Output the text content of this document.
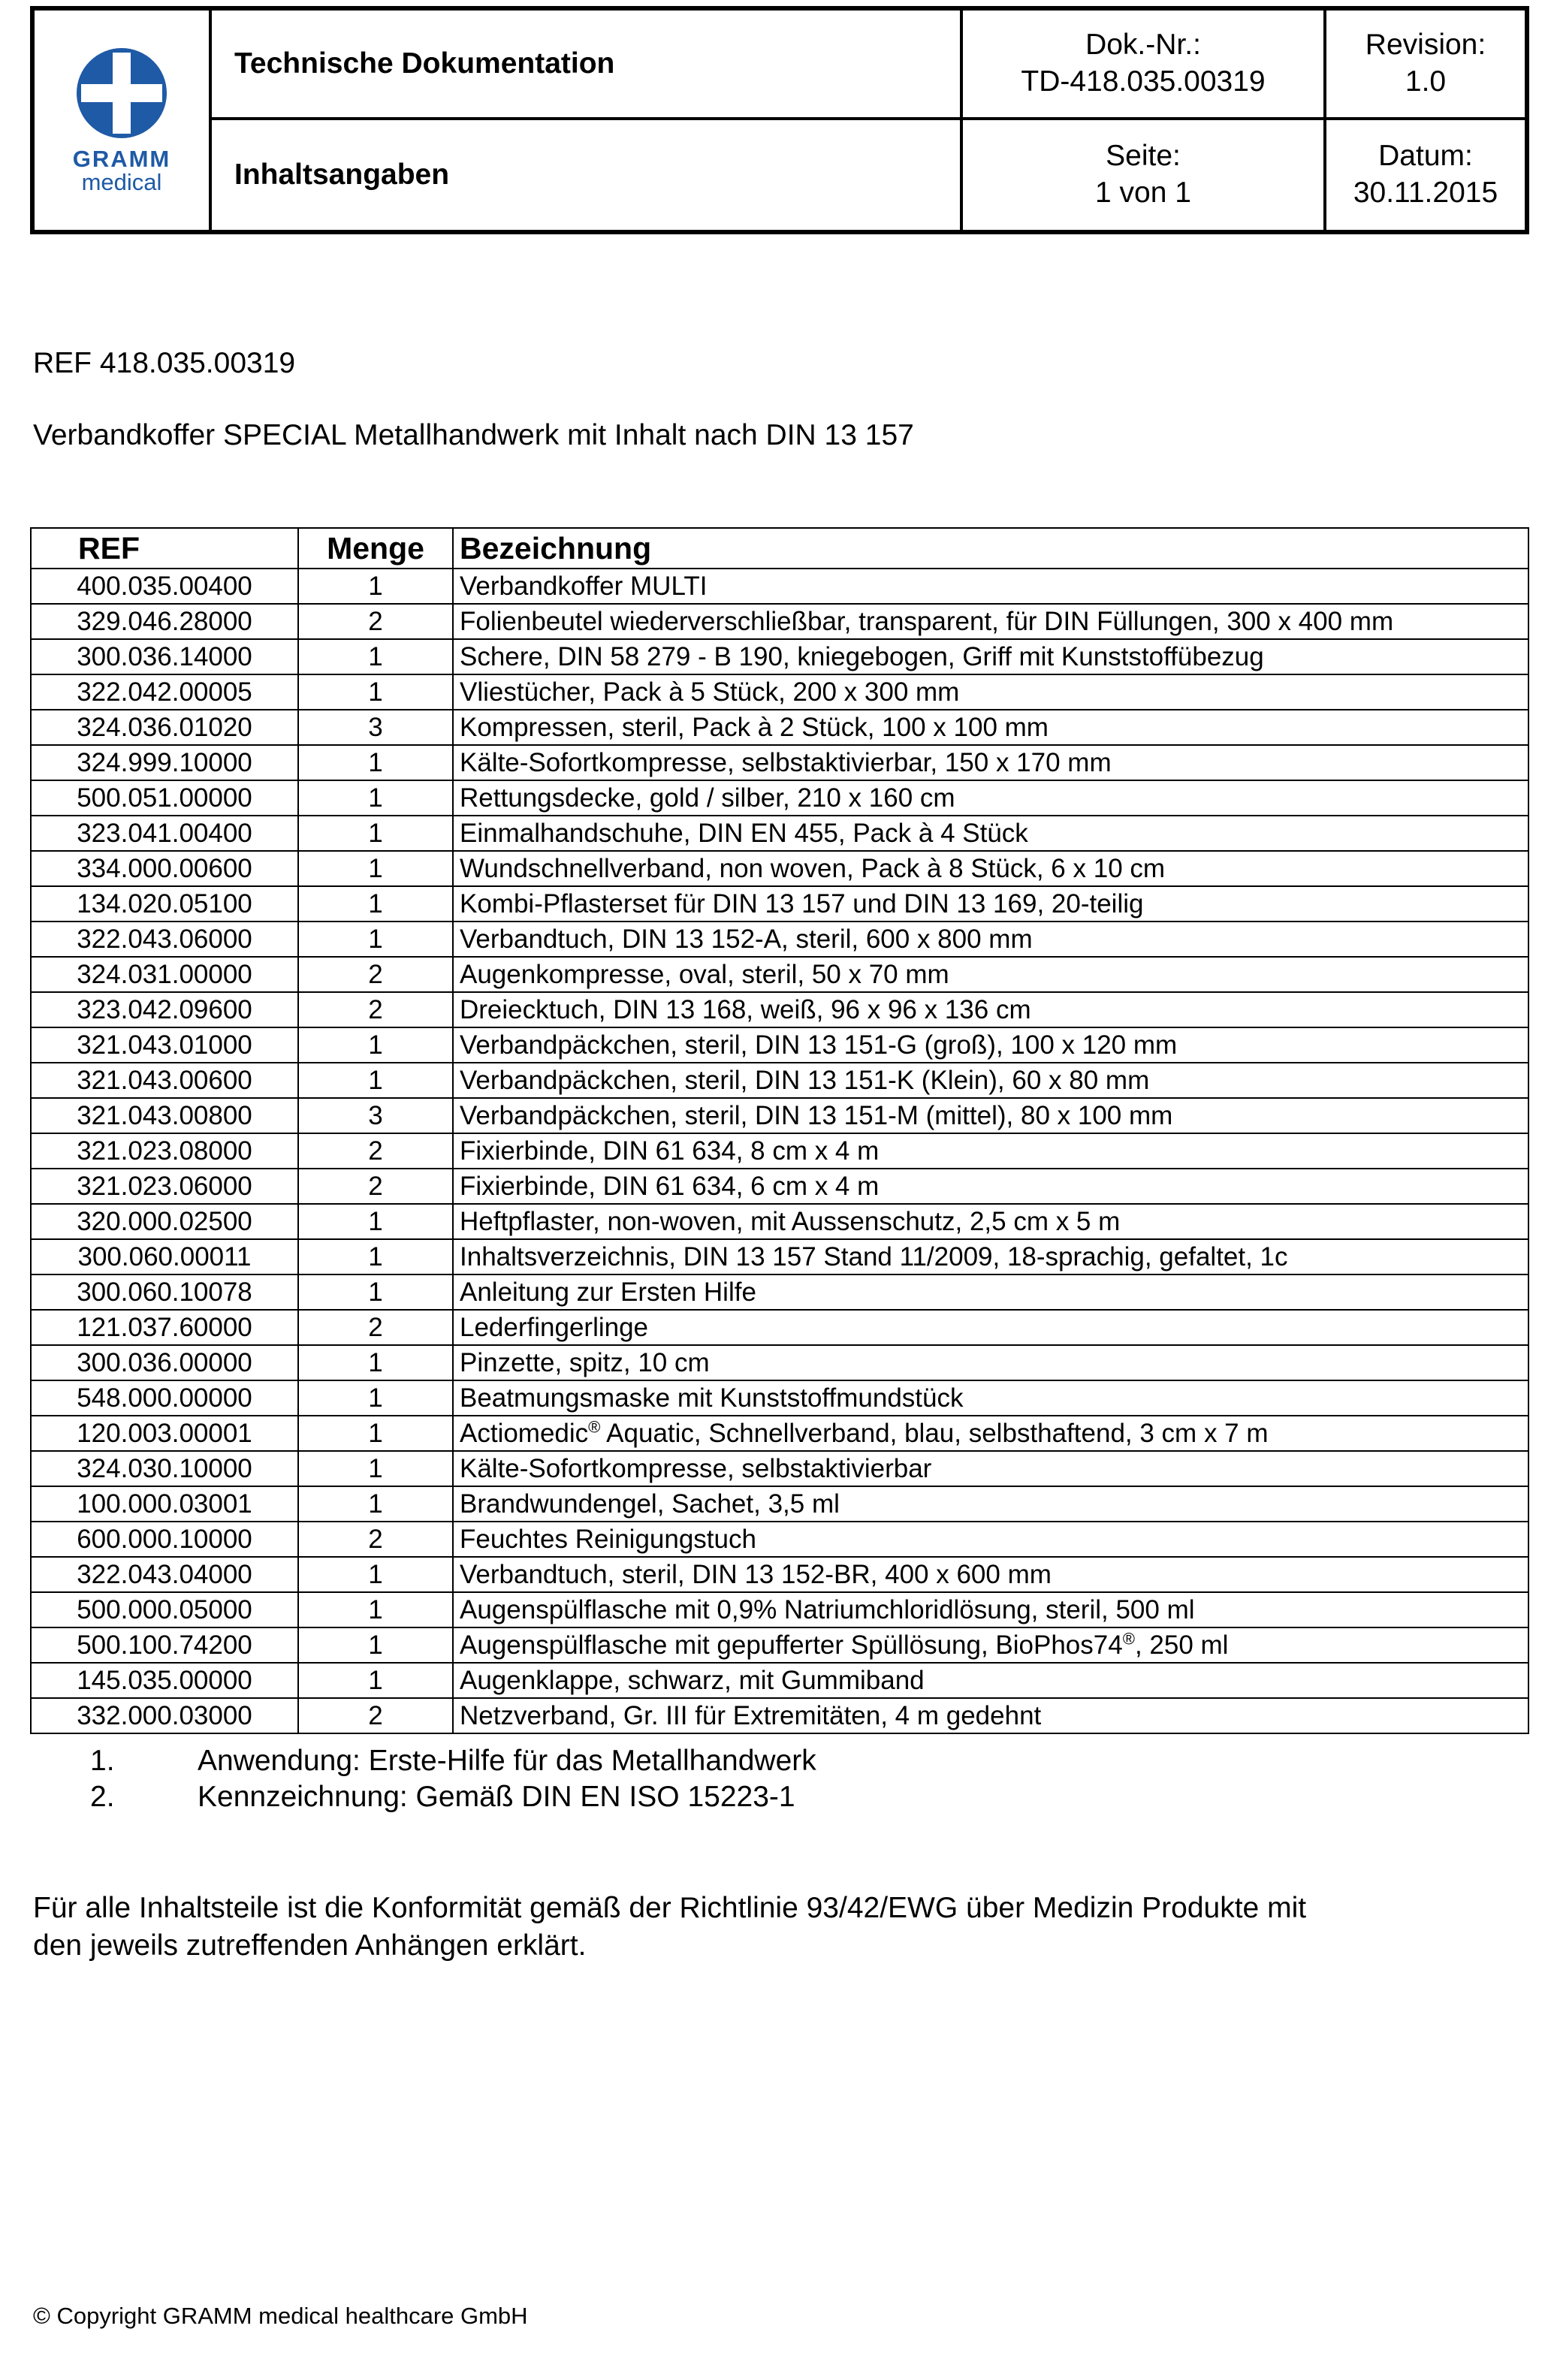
GRAMM
medical
Technische Dokumentation
Inhaltsangaben
Dok.-Nr.:
TD-418.035.00319
Revision:
1.0
Seite:
1 von 1
Datum:
30.11.2015
REF 418.035.00319
Verbandkoffer SPECIAL Metallhandwerk mit Inhalt nach DIN 13 157
REF	Menge	Bezeichnung
400.035.00400	1	Verbandkoffer MULTI
329.046.28000	2	Folienbeutel wiederverschließbar, transparent, für DIN Füllungen, 300 x 400 mm
300.036.14000	1	Schere, DIN 58 279 - B 190, kniegebogen, Griff mit Kunststoffübezug
322.042.00005	1	Vliestücher, Pack à 5 Stück, 200 x 300 mm
324.036.01020	3	Kompressen, steril, Pack à 2 Stück, 100 x 100 mm
324.999.10000	1	Kälte-Sofortkompresse, selbstaktivierbar, 150 x 170 mm
500.051.00000	1	Rettungsdecke, gold / silber, 210 x 160 cm
323.041.00400	1	Einmalhandschuhe, DIN EN 455, Pack à 4 Stück
334.000.00600	1	Wundschnellverband, non woven, Pack à 8 Stück, 6 x 10 cm
134.020.05100	1	Kombi-Pflasterset für DIN 13 157 und DIN 13 169, 20-teilig
322.043.06000	1	Verbandtuch, DIN 13 152-A, steril, 600 x 800 mm
324.031.00000	2	Augenkompresse, oval, steril, 50 x 70 mm
323.042.09600	2	Dreiecktuch, DIN 13 168, weiß, 96 x 96 x 136 cm
321.043.01000	1	Verbandpäckchen, steril, DIN 13 151-G (groß), 100 x 120 mm
321.043.00600	1	Verbandpäckchen, steril, DIN 13 151-K (Klein), 60 x 80 mm
321.043.00800	3	Verbandpäckchen, steril, DIN 13 151-M (mittel), 80 x 100 mm
321.023.08000	2	Fixierbinde, DIN 61 634, 8 cm x 4 m
321.023.06000	2	Fixierbinde, DIN 61 634, 6 cm x 4 m
320.000.02500	1	Heftpflaster, non-woven, mit Aussenschutz, 2,5 cm x 5 m
300.060.00011	1	Inhaltsverzeichnis, DIN 13 157 Stand 11/2009, 18-sprachig, gefaltet, 1c
300.060.10078	1	Anleitung zur Ersten Hilfe
121.037.60000	2	Lederfingerlinge
300.036.00000	1	Pinzette, spitz, 10 cm
548.000.00000	1	Beatmungsmaske mit Kunststoffmundstück
120.003.00001	1	Actiomedic® Aquatic, Schnellverband, blau, selbsthaftend, 3 cm x 7 m
324.030.10000	1	Kälte-Sofortkompresse, selbstaktivierbar
100.000.03001	1	Brandwundengel, Sachet, 3,5 ml
600.000.10000	2	Feuchtes Reinigungstuch
322.043.04000	1	Verbandtuch, steril, DIN 13 152-BR, 400 x 600 mm
500.000.05000	1	Augenspülflasche mit 0,9% Natriumchloridlösung, steril, 500 ml
500.100.74200	1	Augenspülflasche mit gepufferter Spüllösung, BioPhos74®, 250 ml
145.035.00000	1	Augenklappe, schwarz, mit Gummiband
332.000.03000	2	Netzverband, Gr. III für Extremitäten, 4 m gedehnt
1.	Anwendung: Erste-Hilfe für das Metallhandwerk
2.	Kennzeichnung: Gemäß DIN EN ISO 15223-1
Für alle Inhaltsteile ist die Konformität gemäß der Richtlinie 93/42/EWG über Medizin Produkte mit
den jeweils zutreffenden Anhängen erklärt.
© Copyright GRAMM medical healthcare GmbH
